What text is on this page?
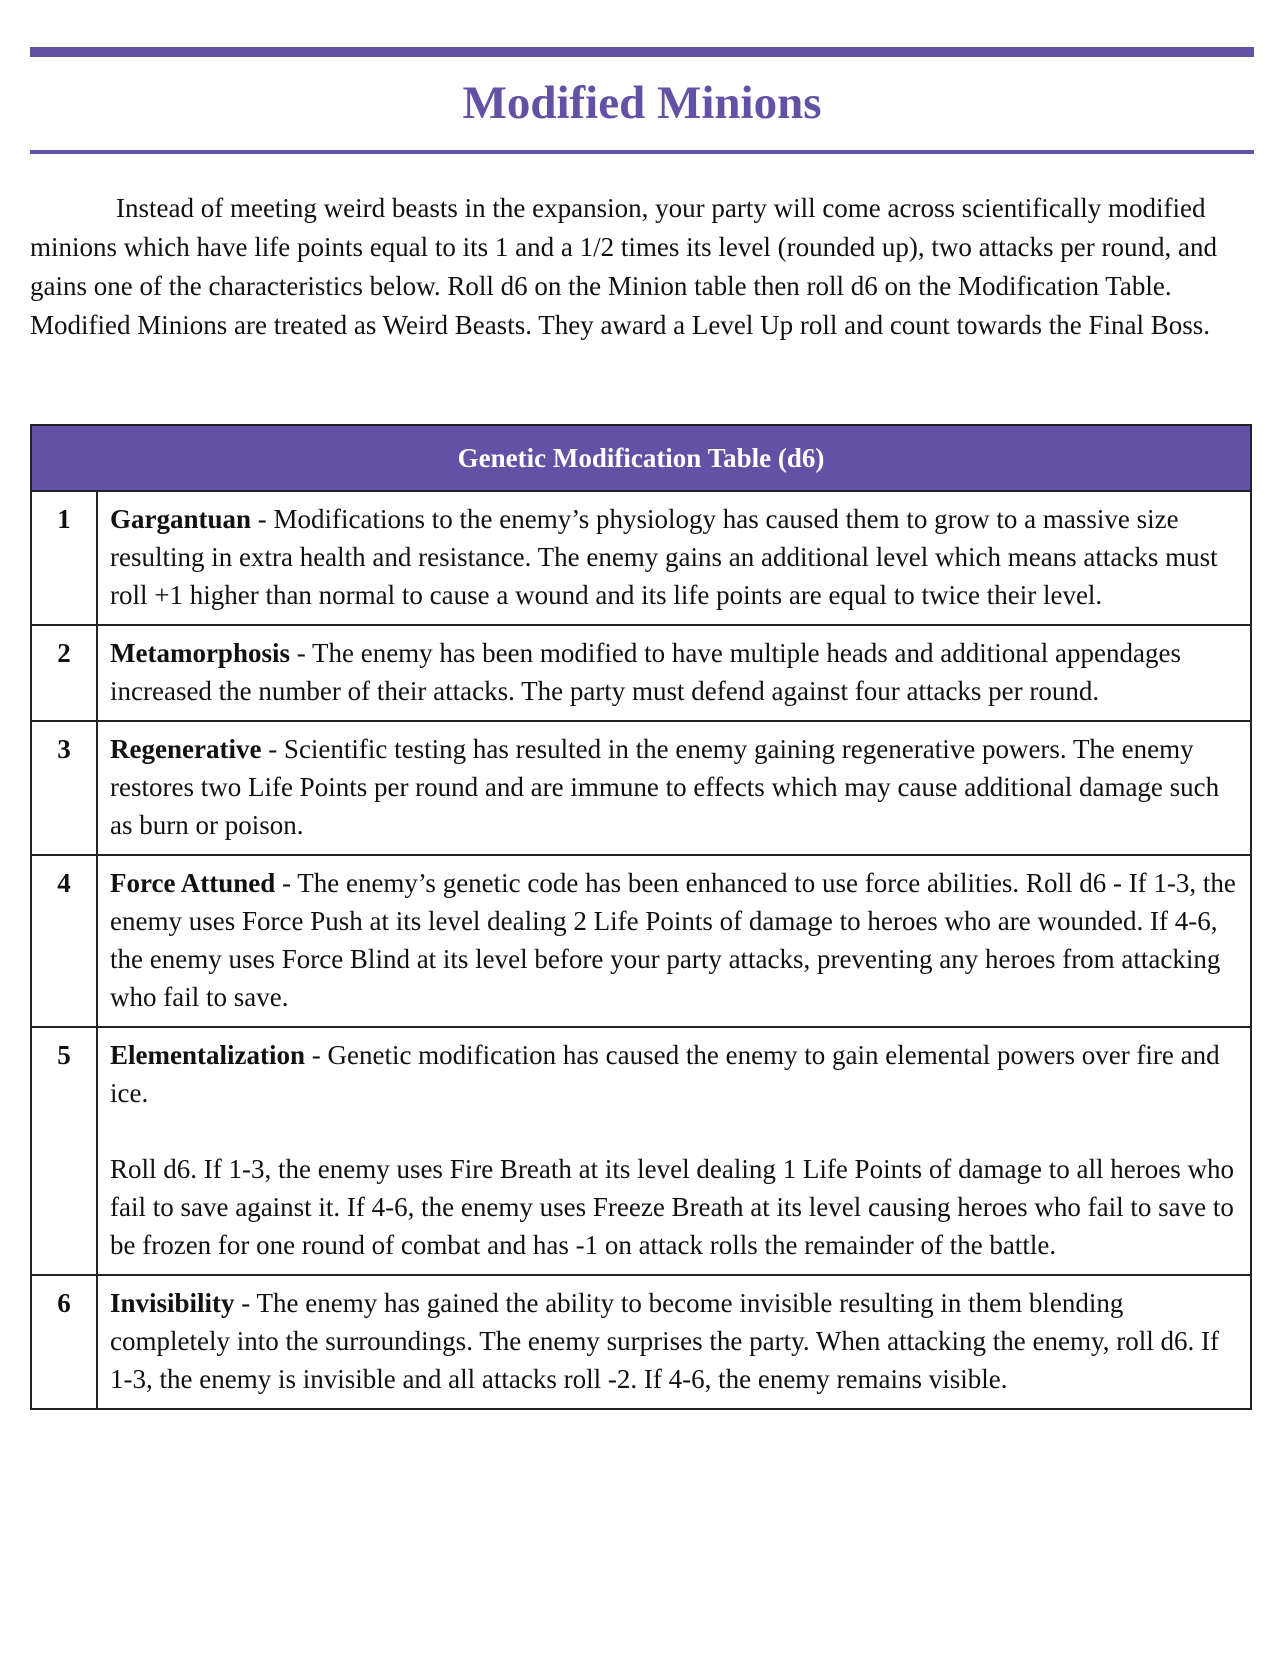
Modified Minions

Instead of meeting weird beasts in the expansion, your party will come across scientifically modified minions which have life points equal to its 1 and a 1/2 times its level (rounded up), two attacks per round, and gains one of the characteristics below. Roll d6 on the Minion table then roll d6 on the Modification Table. Modified Minions are treated as Weird Beasts. They award a Level Up roll and count towards the Final Boss.

Genetic Modification Table (d6)	
1	Gargantuan - Modifications to the enemy’s physiology has caused them to grow to a massive size resulting in extra health and resistance. The enemy gains an additional level which means attacks must roll +1 higher than normal to cause a wound and its life points are equal to twice their level.

2	Metamorphosis - The enemy has been modified to have multiple heads and additional appendages increased the number of their attacks. The party must defend against four attacks per round.

3	Regenerative - Scientific testing has resulted in the enemy gaining regenerative powers. The enemy restores two Life Points per round and are immune to effects which may cause additional damage such as burn or poison.

4	Force Attuned - The enemy’s genetic code has been enhanced to use force abilities. Roll d6 - If 1-3, the enemy uses Force Push at its level dealing 2 Life Points of damage to heroes who are wounded. If 4-6, the enemy uses Force Blind at its level before your party attacks, preventing any heroes from attacking who fail to save.

5	Elementalization - Genetic modification has caused the enemy to gain elemental powers over fire and ice.

Roll d6. If 1-3, the enemy uses Fire Breath at its level dealing 1 Life Points of damage to all heroes who fail to save against it. If 4-6, the enemy uses Freeze Breath at its level causing heroes who fail to save to be frozen for one round of combat and has -1 on attack rolls the remainder of the battle.

6	Invisibility - The enemy has gained the ability to become invisible resulting in them blending completely into the surroundings. The enemy surprises the party. When attacking the enemy, roll d6. If 1-3, the enemy is invisible and all attacks roll -2. If 4-6, the enemy remains visible.
